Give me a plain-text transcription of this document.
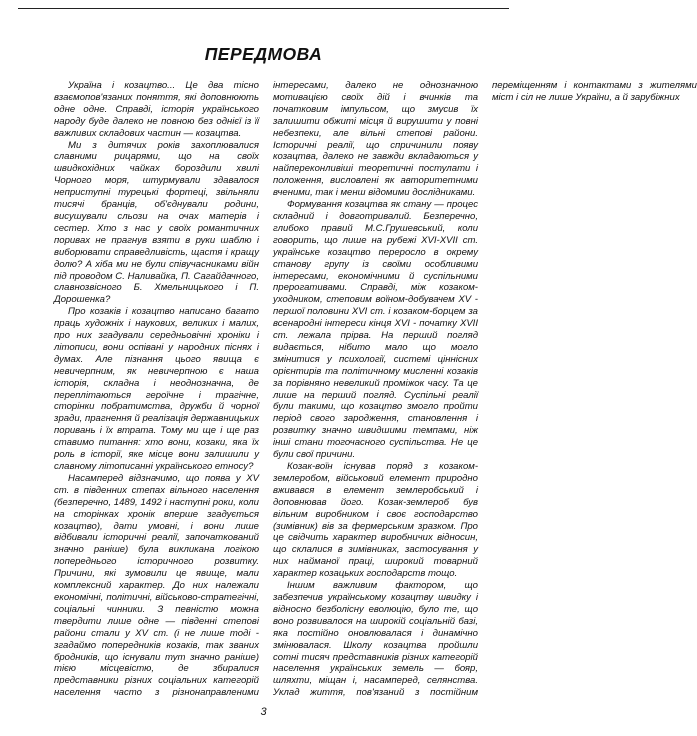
ПЕРЕДМОВА

Україна і козацтво... Це два тісно взаємопов'язаних поняття, які доповнюють одне одне. Справді, історія українського народу буде далеко не повною без однієї із її важливих складових частин — козацтва.

Ми з дитячих років захоплювалися славними рицарями, що на своїх швидкохідних чайках бороздили хвилі Чорного моря, штурмували здавалося неприступні турецькі фортеці, звільняли тисячі бранців, об'єднували родини, висушували сльози на очах матерів і сестер. Хто з нас у своїх романтичних поривах не прагнув взяти в руки шаблю і виборювати справедливість, щастя і кращу долю? А хіба ми не були співучасниками війн під проводом С. Наливайка, П. Сагайдачного, славнозвісного Б. Хмельницького і П. Дорошенка?

Про козаків і козацтво написано багато праць художніх і наукових, великих і малих, про них згадували середньовічні хроніки і літописи, вони оспівані у народних піснях і думах. Але пізнання цього явища є невичерпним, як невичерпною є наша історія, складна і неоднозначна, де переплітаються героїчне і трагічне, сторінки побратимства, дружби й чорної зради, прагнення й реалізація державницьких поривань і їх втрата. Тому ми ще і ще раз ставимо питання: хто вони, козаки, яка їх роль в історії, яке місце вони залишили у славному літописанні українського етносу?

Насамперед відзначимо, що поява у XV ст. в південних степах вільного населення (безперечно, 1489, 1492 і наступні роки, коли на сторінках хронік вперше згадується козацтво), дати умовні, і вони лише відбивали історичні реалії, започаткований значно раніше) була викликана логікою попереднього історичного розвитку. Причини, які зумовили це явище, мали комплексний характер. До них належали економічні, політичні, військово-стратегічні, соціальні чинники. З певністю можна твердити лише одне — південні степові райони стали у XV ст. (і не лише тоді - згадаймо попередників козаків, так званих бродників, що існували тут значно раніше) тією місцевістю, де збиралися представники різних соціальних категорій населення часто з різнонаправленими інтересами, далеко не однозначною мотивацією своїх дій і вчинків та початковим імпульсом, що змусив їх залишити обжиті місця й вирушити у повні небезпеки, але вільні степові райони. Історичні реалії, що спричинили появу козацтва, далеко не завжди вкладаються у найпереконливіші теоретичні постулати і положення, висловлені як авторитетними вченими, так і менш відомими дослідниками.

Формування козацтва як стану — процес складний і довготривалий. Безперечно, глибоко правий М.С.Грушевський, коли говорить, що лише на рубежі XVI-XVII ст. українське козацтво переросло в окрему станову групу із своїми особливими інтересами, економічними й суспільними прерогативами. Справді, між козаком-уходником, степовим воїном-добувачем XV - першої половини XVI ст. і козаком-борцем за всенародні інтереси кінця XVI - початку XVII ст. лежала прірва. На перший погляд видається, нібито мало що могло змінитися у психології, системі ціннісних орієнтирів та політичному мисленні козаків за порівняно невеликий проміжок часу. Та це лише на перший погляд. Суспільні реалії були такими, що козацтво змогло пройти період свого зародження, становлення і розвитку значно швидшими темпами, ніж інші стани тогочасного суспільства. Не це були свої причини.

Козак-воїн існував поряд з козаком-землеробом, військовий елемент природно вживався в елемент землеробський і доповнював його. Козак-землероб був вільним виробником і своє господарство (зимівник) вів за фермерським зразком. Про це свідчить характер виробничих відносин, що склалися в зимівниках, застосування у них найманої праці, широкий товарний характер козацьких господарств тощо.

Іншим важливим фактором, що забезпечив українському козацтву швидку і відносно безболісну еволюцію, було те, що воно розвивалося на широкій соціальній базі, яка постійно оновлювалася і динамічно змінювалася. Школу козацтва пройшли сотні тисяч представників різних категорій населення українських земель — бояр, шляхти, міщан і, насамперед, селянства. Уклад життя, пов'язаний з постійним переміщенням і контактами з жителями міст і сіл не лише України, а й зарубіжних

3
